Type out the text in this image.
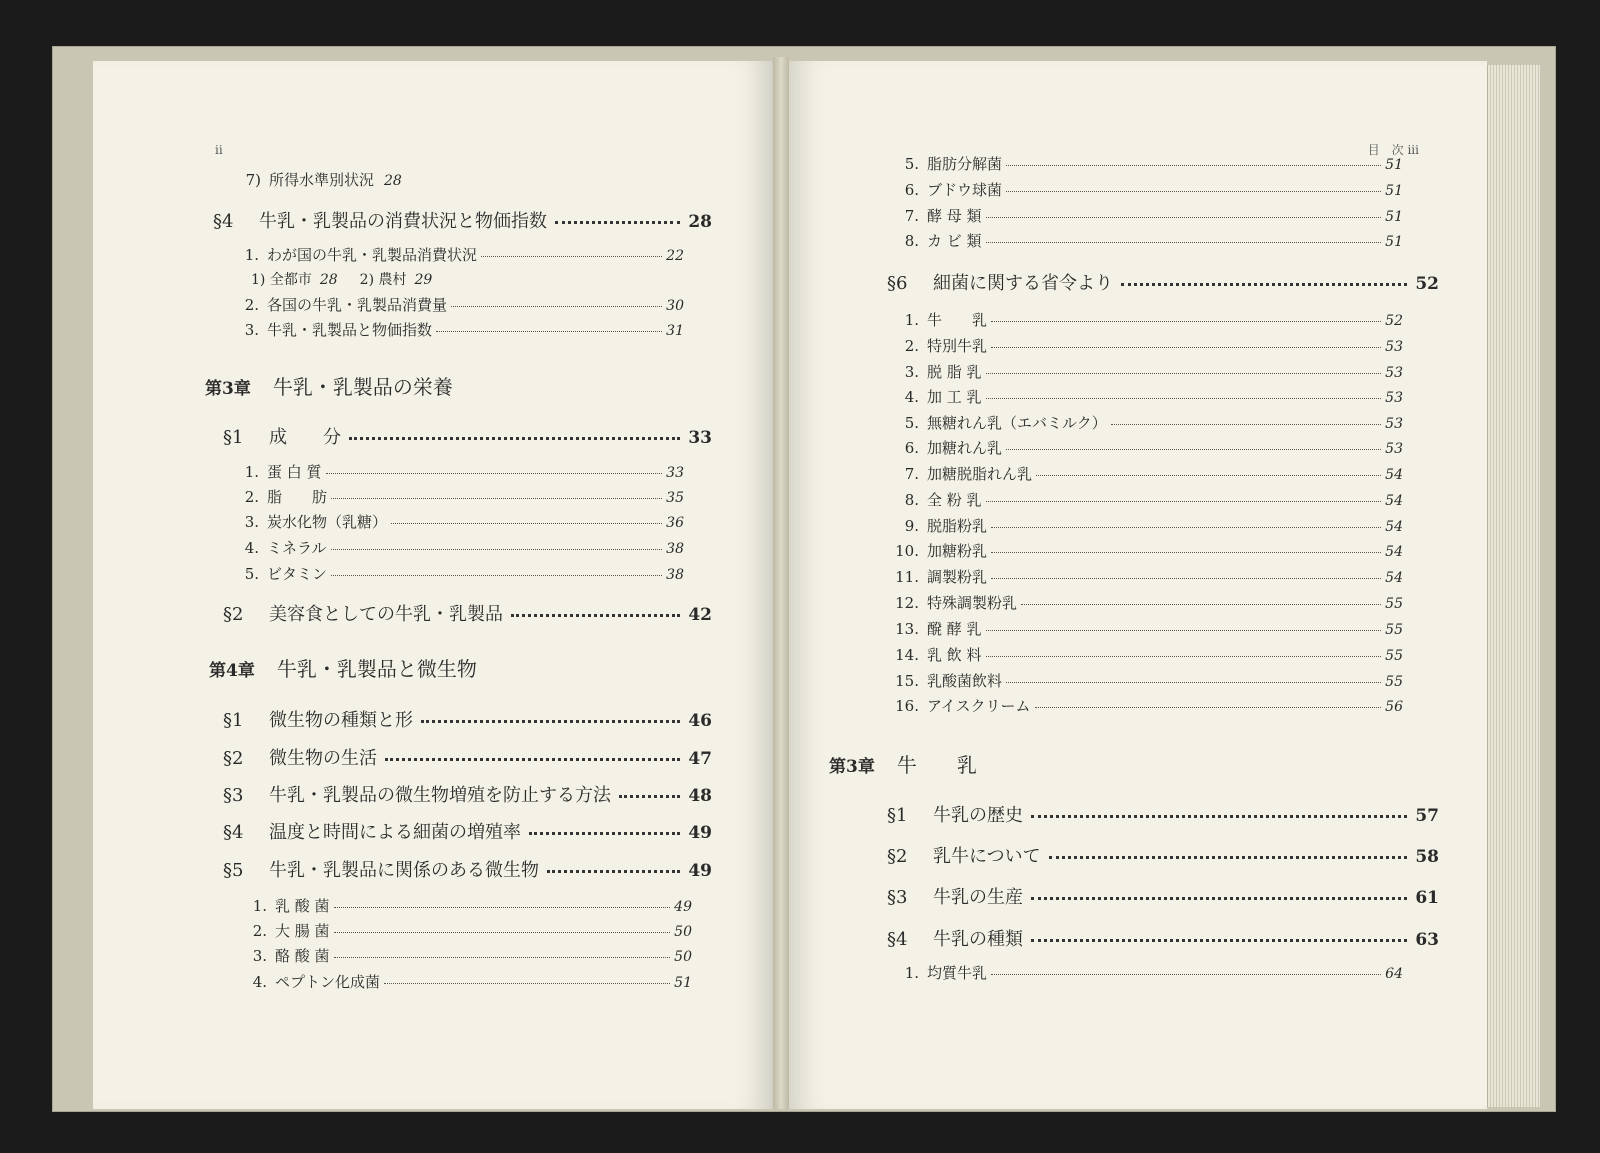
ii
7) 所得水準別状況 28
§4	牛乳・乳製品の消費状況と物価指数	28
1. わが国の牛乳・乳製品消費状況	22
1) 全都市 28 2) 農村 29
2. 各国の牛乳・乳製品消費量	30
3. 牛乳・乳製品と物価指数	31
第3章 牛乳・乳製品の栄養
§1	成　　分	33
1. 蛋 白 質	33
2. 脂　　肪	35
3. 炭水化物（乳糖）	36
4. ミネラル	38
5. ビタミン	38
§2	美容食としての牛乳・乳製品	42
第4章 牛乳・乳製品と微生物
§1	微生物の種類と形	46
§2	微生物の生活	47
§3	牛乳・乳製品の微生物増殖を防止する方法	48
§4	温度と時間による細菌の増殖率	49
§5	牛乳・乳製品に関係のある微生物	49
1. 乳 酸 菌	49
2. 大 腸 菌	50
3. 酪 酸 菌	50
4. ペプトン化成菌	51
目　次 iii
5. 脂肪分解菌	51
6. ブドウ球菌	51
7. 酵 母 類	51
8. カ ビ 類	51
§6	細菌に関する省令より	52
1. 牛　　乳	52
2. 特別牛乳	53
3. 脱 脂 乳	53
4. 加 工 乳	53
5. 無糖れん乳（エバミルク）	53
6. 加糖れん乳	53
7. 加糖脱脂れん乳	54
8. 全 粉 乳	54
9. 脱脂粉乳	54
10. 加糖粉乳	54
11. 調製粉乳	54
12. 特殊調製粉乳	55
13. 醗 酵 乳	55
14. 乳 飲 料	55
15. 乳酸菌飲料	55
16. アイスクリーム	56
第3章 牛　　乳
§1	牛乳の歴史	57
§2	乳牛について	58
§3	牛乳の生産	61
§4	牛乳の種類	63
1. 均質牛乳	64
